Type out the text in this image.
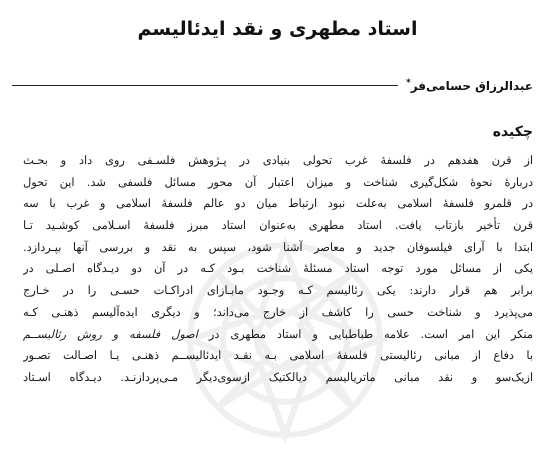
استاد مطهری و نقد ایدئالیسم
عبدالرزاق حسامی‌فر*
چکیده
از قرن هفدهم در فلسفهٔ غرب تحولی بنیادی در پـژوهش فلسـفی روی داد و بحـث
دربارهٔ نحوهٔ شکل‌گیری شناخت و میزان اعتبار آن محور مسائل فلسفی شد. این تحول
در قلمرو فلسفهٔ اسلامی به‌علت نبود ارتباط میان دو عالم فلسفهٔ اسلامی و غرب با سه
قرن تأخیر بازتاب یافت. استاد مطهری به‌عنوان استاد مبرز فلسفهٔ اسـلامی کوشـید تـا
ابتدا با آرای فیلسوفان جدید و معاصر آشنا شود، سپس به نقد و بررسی آنها بپـردازد.
یکی از مسائل مورد توجه استاد مسئلهٔ شناخت بـود کـه در آن دو دیـدگاه اصـلی در
برابر هم قرار دارند: یکی رئالیسم کـه وجـود مابـازای ادراکـات حسـی را در خـارج
می‌پذیرد و شناخت حسی را کاشف از خارج می‌داند؛ و دیگری ایده‌آلیسم ذهنـی کـه
منکر این امر است. علامه طباطبایی و استاد مطهری در اصول فلسفه و روش رئالیســم
با دفاع از مبانی رئالیستی فلسفهٔ اسلامی بـه نقـد ایدئالیســم ذهنـی یـا اصـالت تصـور
ازیک‌سو و نقد مبانی ماتریالیسم دیالکتیک ازسوی‌دیگر مـی‌پردازنـد. دیـدگاه اسـتاد
